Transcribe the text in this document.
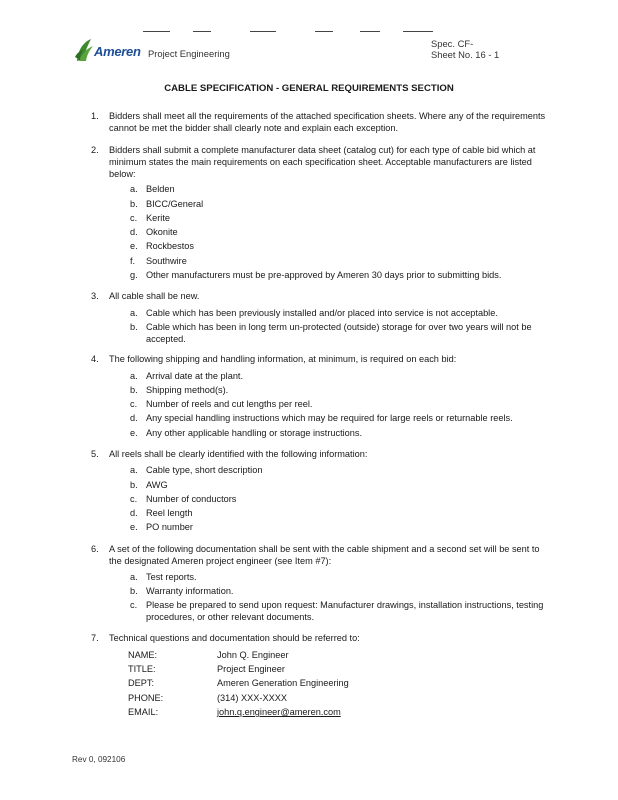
Ameren Project Engineering
Spec. CF-
Sheet No. 16 - 1
CABLE SPECIFICATION - GENERAL REQUIREMENTS SECTION
1. Bidders shall meet all the requirements of the attached specification sheets. Where any of the requirements cannot be met the bidder shall clearly note and explain each exception.
2. Bidders shall submit a complete manufacturer data sheet (catalog cut) for each type of cable bid which at minimum states the main requirements on each specification sheet. Acceptable manufacturers are listed below:
a. Belden
b. BICC/General
c. Kerite
d. Okonite
e. Rockbestos
f.	Southwire
g. Other manufacturers must be pre-approved by Ameren 30 days prior to submitting bids.
3. All cable shall be new.
a. Cable which has been previously installed and/or placed into service is not acceptable.
b. Cable which has been in long term un-protected (outside) storage for over two years will not be accepted.
4. The following shipping and handling information, at minimum, is required on each bid:
a. Arrival date at the plant.
b. Shipping method(s).
c. Number of reels and cut lengths per reel.
d. Any special handling instructions which may be required for large reels or returnable reels.
e. Any other applicable handling or storage instructions.
5. All reels shall be clearly identified with the following information:
a. Cable type, short description
b. AWG
c. Number of conductors
d. Reel length
e. PO number
6. A set of the following documentation shall be sent with the cable shipment and a second set will be sent to the designated Ameren project engineer (see Item #7):
a. Test reports.
b. Warranty information.
c. Please be prepared to send upon request: Manufacturer drawings, installation instructions, testing procedures, or other relevant documents.
7. Technical questions and documentation should be referred to:
NAME:	John Q. Engineer
TITLE:	Project Engineer
DEPT:	Ameren Generation Engineering
PHONE:	(314) XXX-XXXX
EMAIL:	john.q.engineer@ameren.com
Rev 0, 092106
